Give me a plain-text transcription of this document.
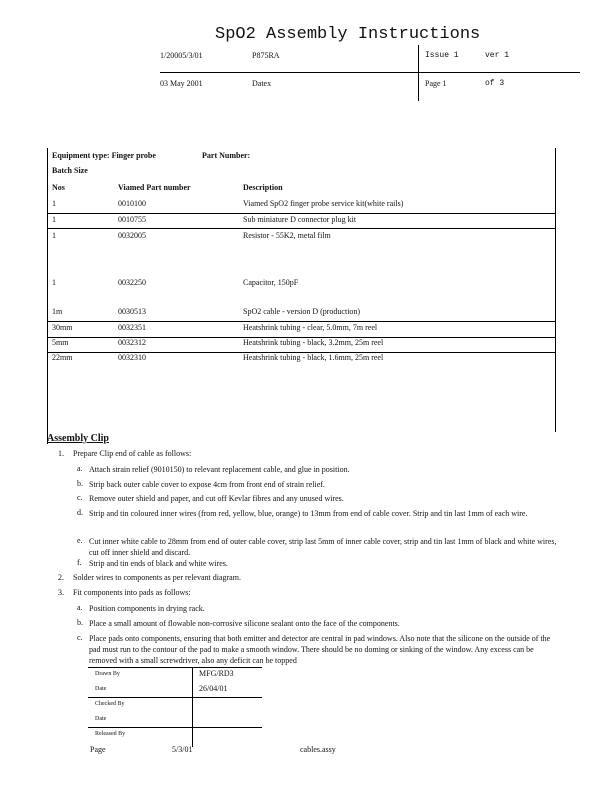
SpO2 Assembly Instructions
1/20005/3/01	P875RA	Issue 1	ver 1
03 May 2001	Datex	Page 1	of 3
Equipment type: Finger probe	Part Number:
Batch Size
Nos	Viamed Part number	Description
1	0010100	Viamed SpO2 finger probe service kit(white rails)
1	0010755	Sub miniature D connector plug kit
1	0032005	Resistor - 55K2, metal film
1	0032250	Capacitor, 150pF
1m	0030513	SpO2 cable - version D (production)
30mm	0032351	Heatshrink tubing - clear, 5.0mm, 7m reel
5mm	0032312	Heatshrink tubing - black, 3.2mm, 25m reel
22mm	0032310	Heatshrink tubing - black, 1.6mm, 25m reel
Assembly Clip
1. Prepare Clip end of cable as follows:
a. Attach strain relief (9010150) to relevant replacement cable, and glue in position.
b. Strip back outer cable cover to expose 4cm from front end of strain relief.
c. Remove outer shield and paper, and cut off Kevlar fibres and any unused wires.
d. Strip and tin coloured inner wires (from red, yellow, blue, orange) to 13mm from end of cable cover. Strip and tin last 1mm of each wire.
e. Cut inner white cable to 28mm from end of outer cable cover, strip last 5mm of inner cable cover, strip and tin last 1mm of black and white wires, cut off inner shield and discard.
f. Strip and tin ends of black and white wires.
2. Solder wires to components as per relevant diagram.
3. Fit components into pads as follows:
a. Position components in drying rack.
b. Place a small amount of flowable non-corrosive silicone sealant onto the face of the components.
c. Place pads onto components, ensuring that both emitter and detector are central in pad windows. Also note that the silicone on the outside of the pad must run to the contour of the pad to make a smooth window. There should be no doming or sinking of the window. Any excess can be removed with a small screwdriver, also any deficit can be topped
Drawn By	MFG/RD3
Date	26/04/01
Checked By
Date
Released By
Page	5/3/01	cables.assy
